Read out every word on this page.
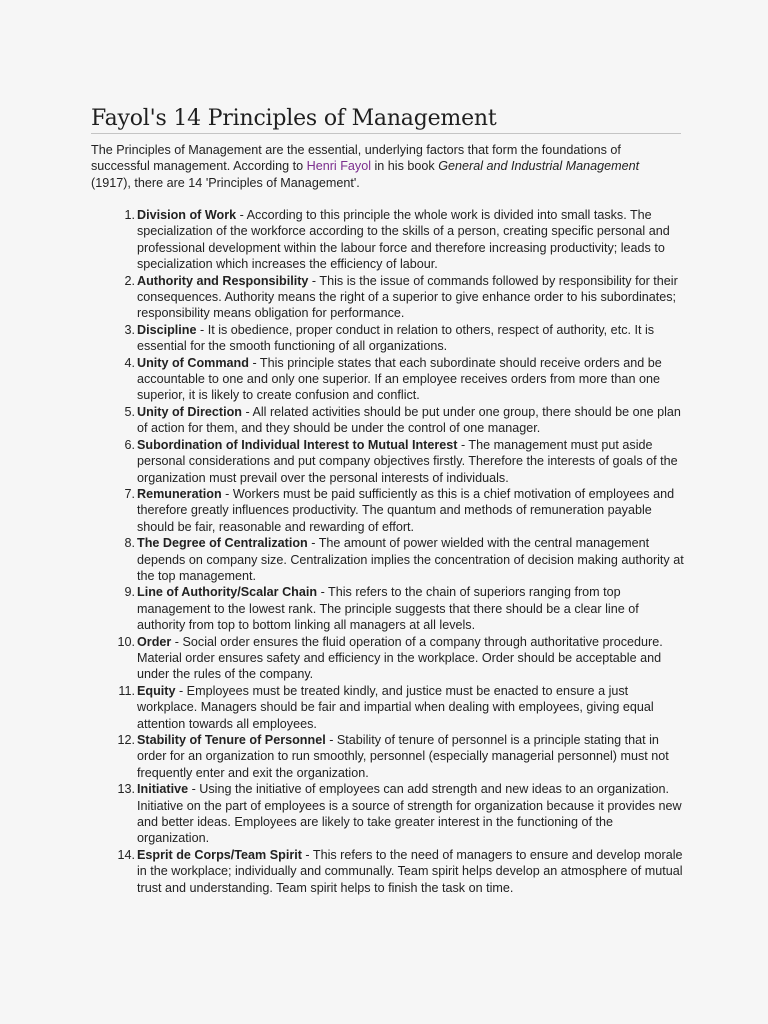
Fayol's 14 Principles of Management

The Principles of Management are the essential, underlying factors that form the foundations of successful management. According to Henri Fayol in his book General and Industrial Management (1917), there are 14 'Principles of Management'.

1. Division of Work - According to this principle the whole work is divided into small tasks. The specialization of the workforce according to the skills of a person, creating specific personal and professional development within the labour force and therefore increasing productivity; leads to specialization which increases the efficiency of labour.
2. Authority and Responsibility - This is the issue of commands followed by responsibility for their consequences. Authority means the right of a superior to give enhance order to his subordinates; responsibility means obligation for performance.
3. Discipline - It is obedience, proper conduct in relation to others, respect of authority, etc. It is essential for the smooth functioning of all organizations.
4. Unity of Command - This principle states that each subordinate should receive orders and be accountable to one and only one superior. If an employee receives orders from more than one superior, it is likely to create confusion and conflict.
5. Unity of Direction - All related activities should be put under one group, there should be one plan of action for them, and they should be under the control of one manager.
6. Subordination of Individual Interest to Mutual Interest - The management must put aside personal considerations and put company objectives firstly. Therefore the interests of goals of the organization must prevail over the personal interests of individuals.
7. Remuneration - Workers must be paid sufficiently as this is a chief motivation of employees and therefore greatly influences productivity. The quantum and methods of remuneration payable should be fair, reasonable and rewarding of effort.
8. The Degree of Centralization - The amount of power wielded with the central management depends on company size. Centralization implies the concentration of decision making authority at the top management.
9. Line of Authority/Scalar Chain - This refers to the chain of superiors ranging from top management to the lowest rank. The principle suggests that there should be a clear line of authority from top to bottom linking all managers at all levels.
10. Order - Social order ensures the fluid operation of a company through authoritative procedure. Material order ensures safety and efficiency in the workplace. Order should be acceptable and under the rules of the company.
11. Equity - Employees must be treated kindly, and justice must be enacted to ensure a just workplace. Managers should be fair and impartial when dealing with employees, giving equal attention towards all employees.
12. Stability of Tenure of Personnel - Stability of tenure of personnel is a principle stating that in order for an organization to run smoothly, personnel (especially managerial personnel) must not frequently enter and exit the organization.
13. Initiative - Using the initiative of employees can add strength and new ideas to an organization. Initiative on the part of employees is a source of strength for organization because it provides new and better ideas. Employees are likely to take greater interest in the functioning of the organization.
14. Esprit de Corps/Team Spirit - This refers to the need of managers to ensure and develop morale in the workplace; individually and communally. Team spirit helps develop an atmosphere of mutual trust and understanding. Team spirit helps to finish the task on time.
